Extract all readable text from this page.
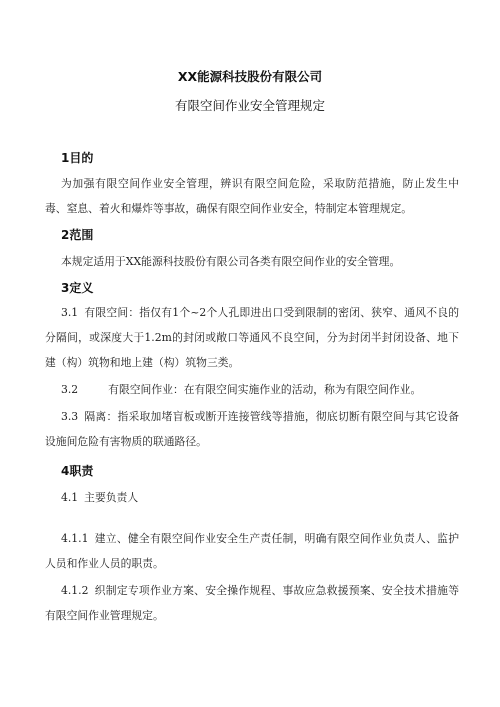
XX能源科技股份有限公司
有限空间作业安全管理规定
1目的
为加强有限空间作业安全管理，辨识有限空间危险，采取防范措施，防止发生中毒、窒息、着火和爆炸等事故，确保有限空间作业安全，特制定本管理规定。
2范围
本规定适用于XX能源科技股份有限公司各类有限空间作业的安全管理。
3定义
3.1 有限空间：指仅有1个~2个人孔即进出口受到限制的密闭、狭窄、通风不良的分隔间，或深度大于1.2m的封闭或敞口等通风不良空间，分为封闭半封闭设备、地下建（构）筑物和地上建（构）筑物三类。
3.2	有限空间作业：在有限空间实施作业的活动，称为有限空间作业。
3.3 隔离：指采取加堵盲板或断开连接管线等措施，彻底切断有限空间与其它设备设施间危险有害物质的联通路径。
4职责
4.1 主要负责人
4.1.1 建立、健全有限空间作业安全生产责任制，明确有限空间作业负责人、监护人员和作业人员的职责。
4.1.2 织制定专项作业方案、安全操作规程、事故应急救援预案、安全技术措施等有限空间作业管理规定。
